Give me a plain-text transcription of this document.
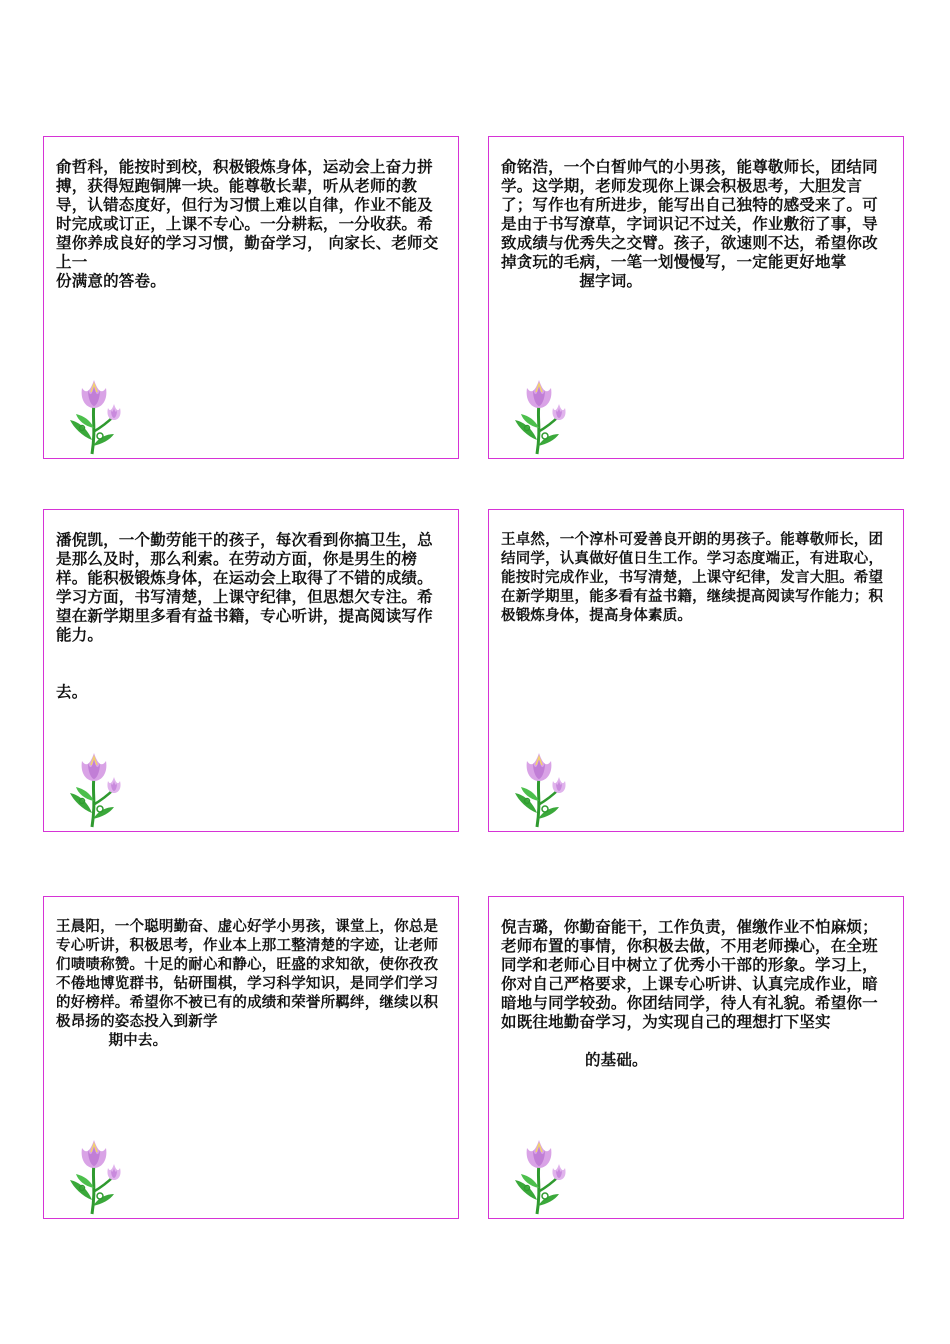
俞哲科，能按时到校，积极锻炼身体，运动会上奋力拼搏，获得短跑铜牌一块。能尊敬长辈，听从老师的教导，认错态度好，但行为习惯上难以自律，作业不能及时完成或订正，上课不专心。一分耕耘，一分收获。希望你养成良好的学习习惯，勤奋学习， 向家长、老师交上一
份满意的答卷。
俞铭浩，一个白皙帅气的小男孩，能尊敬师长，团结同学。这学期，老师发现你上课会积极思考，大胆发言了；写作也有所进步，能写出自己独特的感受来了。可是由于书写潦草，字词识记不过关，作业敷衍了事，导致成绩与优秀失之交臂。孩子，欲速则不达，希望你改掉贪玩的毛病，一笔一划慢慢写，一定能更好地掌
握字词。
潘倪凯，一个勤劳能干的孩子，每次看到你搞卫生，总是那么及时，那么利索。在劳动方面，你是男生的榜样。能积极锻炼身体，在运动会上取得了不错的成绩。学习方面，书写清楚，上课守纪律，但思想欠专注。希望在新学期里多看有益书籍，专心听讲，提高阅读写作能力。

去。
王卓然，一个淳朴可爱善良开朗的男孩子。能尊敬师长，团结同学，认真做好值日生工作。学习态度端正，有进取心，能按时完成作业，书写清楚，上课守纪律，发言大胆。希望在新学期里，能多看有益书籍，继续提高阅读写作能力；积极锻炼身体，提高身体素质。
王晨阳，一个聪明勤奋、虚心好学小男孩，课堂上，你总是专心听讲，积极思考，作业本上那工整清楚的字迹，让老师们啧啧称赞。十足的耐心和静心，旺盛的求知欲，使你孜孜不倦地博览群书，钻研围棋，学习科学知识，是同学们学习的好榜样。希望你不被已有的成绩和荣誉所羁绊，继续以积极昂扬的姿态投入到新学
期中去。
倪吉璐，你勤奋能干，工作负责，催缴作业不怕麻烦；老师布置的事情，你积极去做，不用老师操心，在全班同学和老师心目中树立了优秀小干部的形象。学习上，你对自己严格要求，上课专心听讲、认真完成作业，暗暗地与同学较劲。你团结同学，待人有礼貌。希望你一如既往地勤奋学习，为实现自己的理想打下坚实

的基础。
